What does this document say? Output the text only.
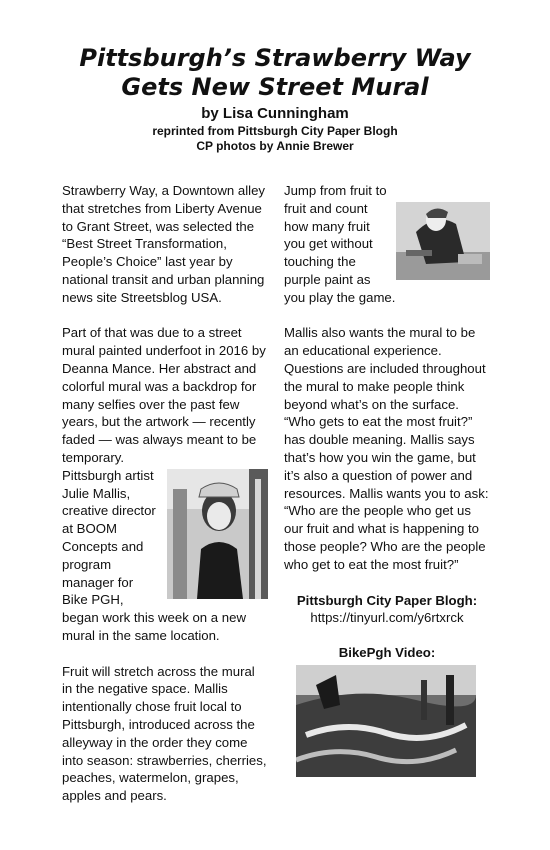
Pittsburgh’s Strawberry Way
Gets New Street Mural
by Lisa Cunningham
reprinted from Pittsburgh City Paper Blogh
CP photos by Annie Brewer

Strawberry Way, a Downtown alley that stretches from Liberty Avenue to Grant Street, was selected the “Best Street Transformation, People’s Choice” last year by national transit and urban planning news site Streetsblog USA.

Part of that was due to a street mural painted underfoot in 2016 by Deanna Mance. Her abstract and colorful mural was a backdrop for many selfies over the past few years, but the artwork — recently faded — was always meant to be temporary.

Pittsburgh artist Julie Mallis, creative director at BOOM Concepts and program manager for Bike PGH, began work this week on a new mural in the same location.

Fruit will stretch across the mural in the negative space. Mallis intentionally chose fruit local to Pittsburgh, introduced across the alleyway in the order they come into season: strawberries, cherries, peaches, watermelon, grapes, apples and pears.

Jump from fruit to fruit and count how many fruit you get without touching the purple paint as you play the game.

Mallis also wants the mural to be an educational experience. Questions are included throughout the mural to make people think beyond what’s on the surface. “Who gets to eat the most fruit?” has double meaning. Mallis says that’s how you win the game, but it’s also a question of power and resources. Mallis wants you to ask: “Who are the people who get us our fruit and what is happening to those people? Who are the people who get to eat the most fruit?”

Pittsburgh City Paper Blogh:
https://tinyurl.com/y6rtxrck
BikePgh Video:
